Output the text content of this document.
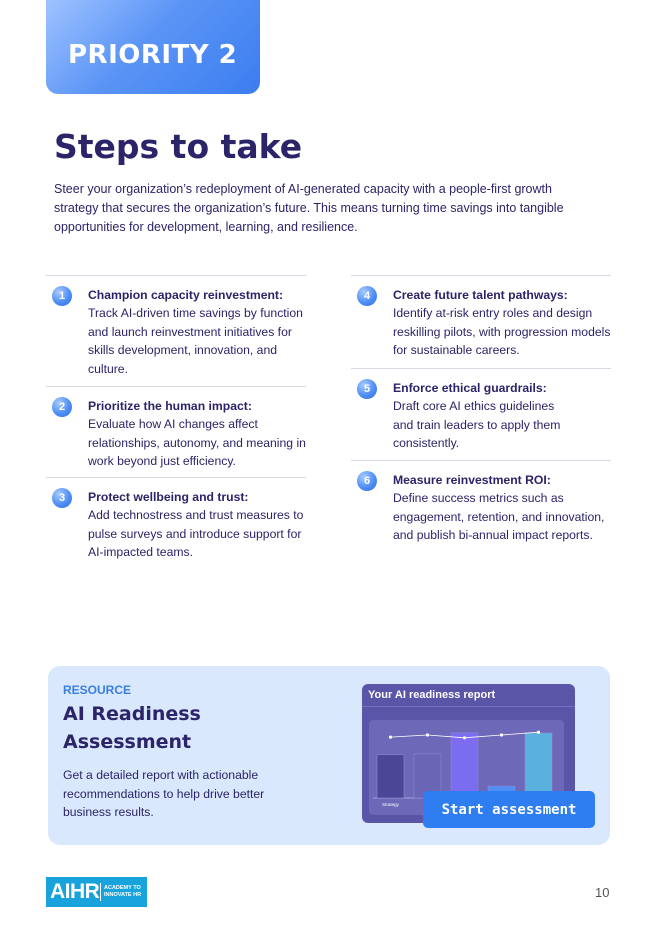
PRIORITY 2
Steps to take

Steer your organization’s redeployment of AI-generated capacity with a people-first growth strategy that secures the organization’s future. This means turning time savings into tangible opportunities for development, learning, and resilience.

1	Champion capacity reinvestment:
Track AI-driven time savings by function and launch reinvestment initiatives for skills development, innovation, and culture.
2	Prioritize the human impact:
Evaluate how AI changes affect relationships, autonomy, and meaning in work beyond just efficiency.
3	Protect wellbeing and trust:
Add technostress and trust measures to pulse surveys and introduce support for AI-impacted teams.
4	Create future talent pathways:
Identify at-risk entry roles and design reskilling pilots, with progression models for sustainable careers.
5	Enforce ethical guardrails:
Draft core AI ethics guidelines and train leaders to apply them consistently.
6	Measure reinvestment ROI:
Define success metrics such as engagement, retention, and innovation, and publish bi-annual impact reports.
RESOURCE
AI Readiness Assessment
Get a detailed report with actionable recommendations to help drive better business results.
Your AI readiness report
Strategy	Start assessment
AIHR ACADEMY TO
INNOVATE HR	10
